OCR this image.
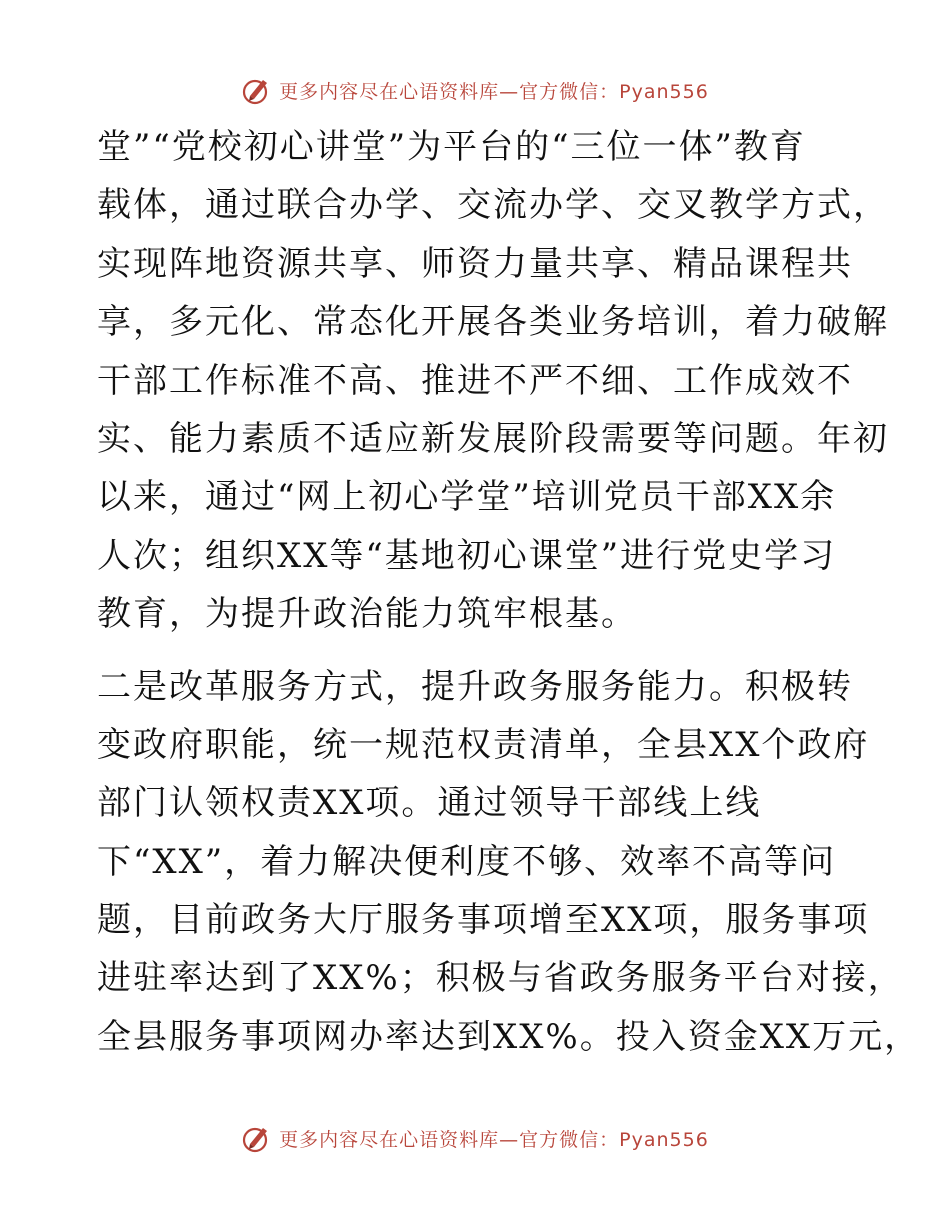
更多内容尽在心语资料库—官方微信：Pyan556

堂”“党校初心讲堂”为平台的“三位一体”教育
载体，通过联合办学、交流办学、交叉教学方式，
实现阵地资源共享、师资力量共享、精品课程共
享，多元化、常态化开展各类业务培训，着力破解
干部工作标准不高、推进不严不细、工作成效不
实、能力素质不适应新发展阶段需要等问题。年初
以来，通过“网上初心学堂”培训党员干部XX余
人次；组织XX等“基地初心课堂”进行党史学习
教育，为提升政治能力筑牢根基。

二是改革服务方式，提升政务服务能力。积极转
变政府职能，统一规范权责清单，全县XX个政府
部门认领权责XX项。通过领导干部线上线
下“XX”，着力解决便利度不够、效率不高等问
题，目前政务大厅服务事项增至XX项，服务事项
进驻率达到了XX%；积极与省政务服务平台对接，
全县服务事项网办率达到XX%。投入资金XX万元，

更多内容尽在心语资料库—官方微信：Pyan556
